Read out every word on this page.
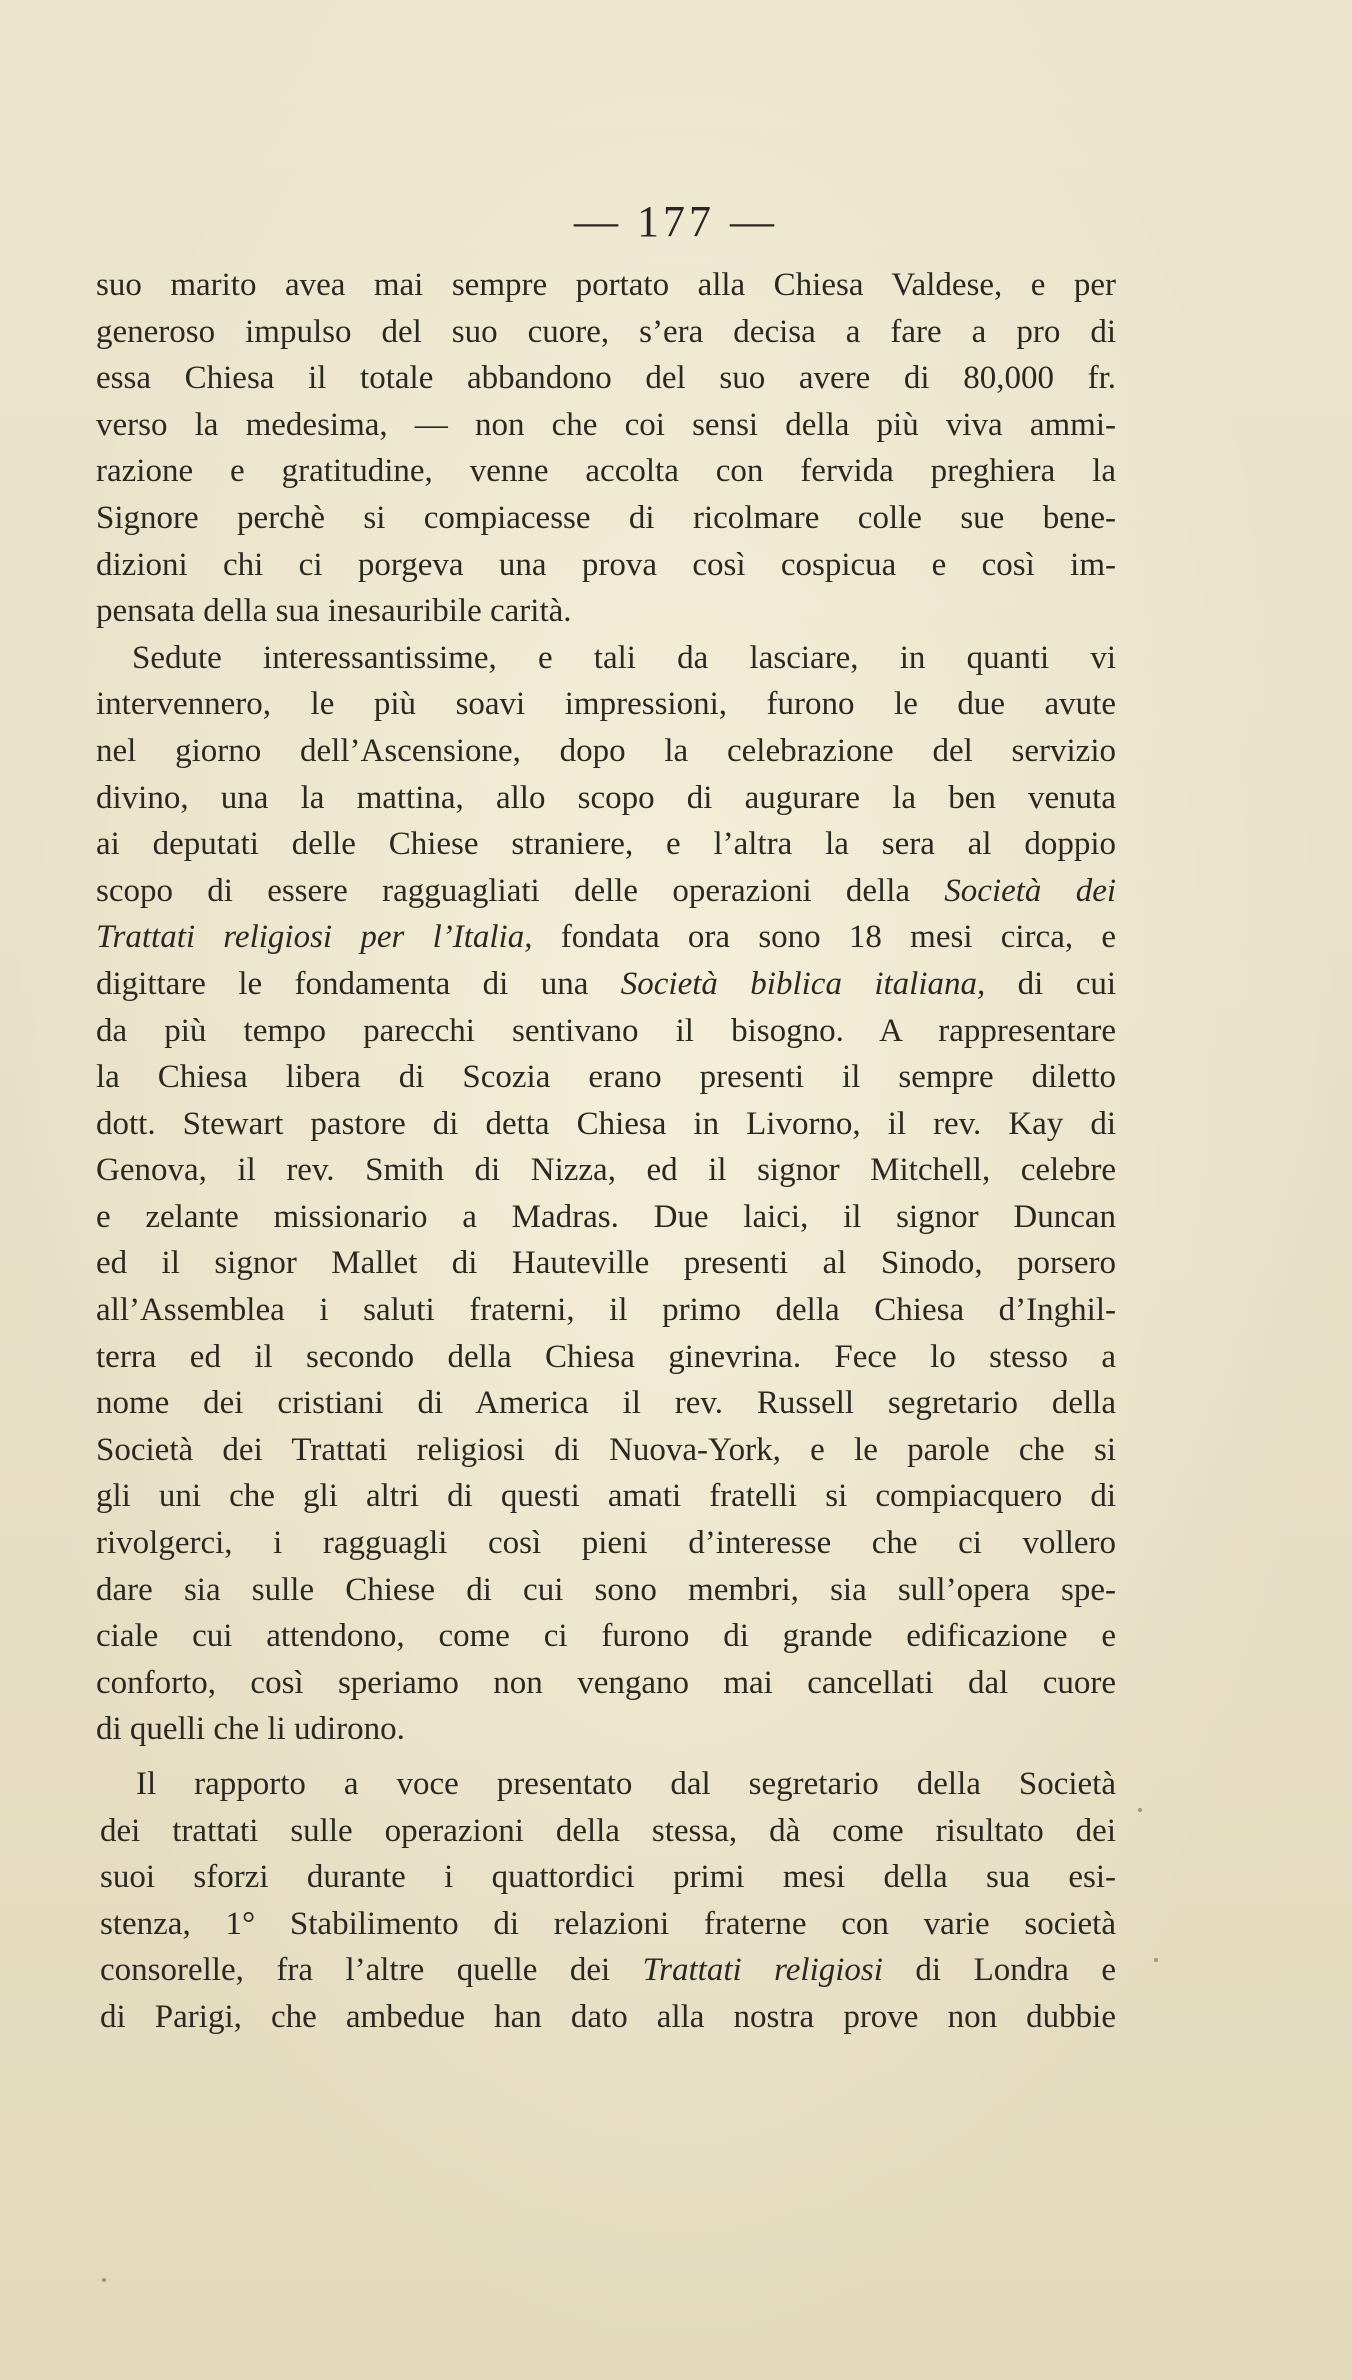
— 177 —
suo marito avea mai sempre portato alla Chiesa Valdese, e per
generoso impulso del suo cuore, s’era decisa a fare a pro di
essa Chiesa il totale abbandono del suo avere di 80,000 fr.
verso la medesima, — non che coi sensi della più viva ammi-
razione e gratitudine, venne accolta con fervida preghiera la
Signore perchè si compiacesse di ricolmare colle sue bene-
dizioni chi ci porgeva una prova così cospicua e così im-
pensata della sua inesauribile carità.
Sedute interessantissime, e tali da lasciare, in quanti vi
intervennero, le più soavi impressioni, furono le due avute
nel giorno dell’Ascensione, dopo la celebrazione del servizio
divino, una la mattina, allo scopo di augurare la ben venuta
ai deputati delle Chiese straniere, e l’altra la sera al doppio
scopo di essere ragguagliati delle operazioni della Società dei
Trattati religiosi per l’Italia, fondata ora sono 18 mesi circa, e
digittare le fondamenta di una Società biblica italiana, di cui
da più tempo parecchi sentivano il bisogno. A rappresentare
la Chiesa libera di Scozia erano presenti il sempre diletto
dott. Stewart pastore di detta Chiesa in Livorno, il rev. Kay di
Genova, il rev. Smith di Nizza, ed il signor Mitchell, celebre
e zelante missionario a Madras. Due laici, il signor Duncan
ed il signor Mallet di Hauteville presenti al Sinodo, porsero
all’Assemblea i saluti fraterni, il primo della Chiesa d’Inghil-
terra ed il secondo della Chiesa ginevrina. Fece lo stesso a
nome dei cristiani di America il rev. Russell segretario della
Società dei Trattati religiosi di Nuova-York, e le parole che si
gli uni che gli altri di questi amati fratelli si compiacquero di
rivolgerci, i ragguagli così pieni d’interesse che ci vollero
dare sia sulle Chiese di cui sono membri, sia sull’opera spe-
ciale cui attendono, come ci furono di grande edificazione e
conforto, così speriamo non vengano mai cancellati dal cuore
di quelli che li udirono.
Il rapporto a voce presentato dal segretario della Società
dei trattati sulle operazioni della stessa, dà come risultato dei
suoi sforzi durante i quattordici primi mesi della sua esi-
stenza, 1° Stabilimento di relazioni fraterne con varie società
consorelle, fra l’altre quelle dei Trattati religiosi di Londra e
di Parigi, che ambedue han dato alla nostra prove non dubbie
